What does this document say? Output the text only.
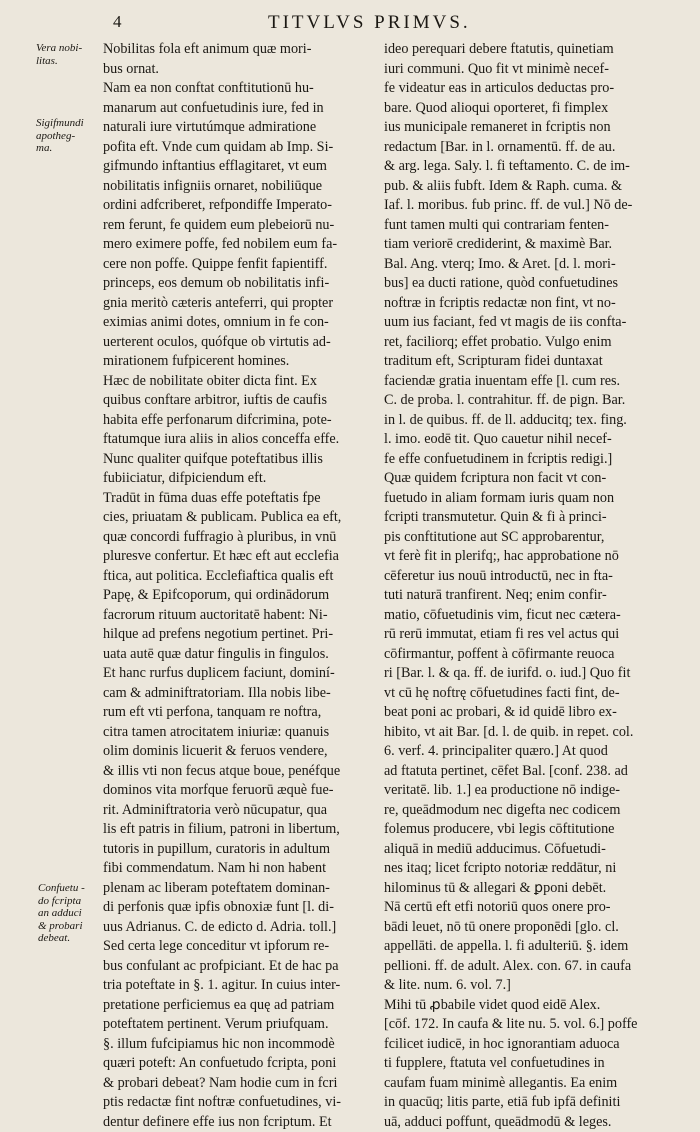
4	TITVLVS PRIMVS.
Vera nobi-
litas.
Sigifmundi
apotheg-
ma.
Confuetu -
do fcripta
an adduci
& probari
debeat.
Nobilitas fola eft animum quæ mori-
bus ornat.
Nam ea non conftat conftitutionū hu-
manarum aut confuetudinis iure, fed in
naturali iure virtutúmque admiratione
pofita eft. Vnde cum quidam ab Imp. Si-
gifmundo inftantius efflagitaret, vt eum
nobilitatis infigniis ornaret, nobiliūque
ordini adfcriberet, refpondiffe Imperato-
rem ferunt, fe quidem eum plebeiorū nu-
mero eximere poffe, fed nobilem eum fa-
cere non poffe. Quippe fenfit fapientiff.
princeps, eos demum ob nobilitatis infi-
gnia meritò cæteris anteferri, qui propter
eximias animi dotes, omnium in fe con-
uerterent oculos, quófque ob virtutis ad-
mirationem fufpicerent homines.
Hæc de nobilitate obiter dicta fint. Ex
quibus conftare arbitror, iuftis de caufis
habita effe perfonarum difcrimina, pote-
ftatumque iura aliis in alios conceffa effe.
Nunc qualiter quifque poteftatibus illis
fubiiciatur, difpiciendum eft.
Tradūt in fūma duas effe poteftatis fpe
cies, priuatam & publicam. Publica ea eft,
quæ concordi fuffragio à pluribus, in vnū
pluresve confertur. Et hæc eft aut ecclefia
ftica, aut politica. Ecclefiaftica qualis eft
Papę, & Epifcoporum, qui ordinādorum
facrorum rituum auctoritatē habent: Ni-
hilque ad prefens negotium pertinet. Pri-
uata autē quæ datur fingulis in fingulos.
Et hanc rurfus duplicem faciunt, dominí-
cam & adminiftratoriam. Illa nobis libe-
rum eft vti perfona, tanquam re noftra,
citra tamen atrocitatem iniuriæ: quanuis
olim dominis licuerit & feruos vendere,
& illis vti non fecus atque boue, penéfque
dominos vita morfque feruorū æquè fue-
rit. Adminiftratoria verò nūcupatur, qua
lis eft patris in filium, patroni in libertum,
tutoris in pupillum, curatoris in adultum
fibi commendatum. Nam hi non habent
plenam ac liberam poteftatem dominan-
di perfonis quæ ipfis obnoxiæ funt [l. di-
uus Adrianus. C. de edicto d. Adria. toll.]
Sed certa lege conceditur vt ipforum re-
bus confulant ac profpiciant. Et de hac pa
tria poteftate in §. 1. agitur. In cuius inter-
pretatione perficiemus ea quę ad patriam
poteftatem pertinent. Verum priufquam.
§. illum fufcipiamus hic non incommodè
quæri poteft: An confuetudo fcripta, poni
& probari debeat? Nam hodie cum in fcri
ptis redactæ fint noftræ confuetudines, vi-
dentur definere effe ius non fcriptum. Et
ideo perequari debere ftatutis, quinetiam
iuri communi. Quo fit vt minimè necef-
fe videatur eas in articulos deductas pro-
bare. Quod alioqui oporteret, fi fimplex
ius municipale remaneret in fcriptis non
redactum [Bar. in l. ornamentū. ff. de au.
& arg. lega. Saly. l. fi teftamento. C. de im-
pub. & aliis fubft. Idem & Raph. cuma. &
Iaf. l. moribus. fub princ. ff. de vul.] Nō de-
funt tamen multi qui contrariam fenten-
tiam veriorē crediderint, & maximè Bar.
Bal. Ang. vterq; Imo. & Aret. [d. l. mori-
bus] ea ducti ratione, quòd confuetudines
noftræ in fcriptis redactæ non fint, vt no-
uum ius faciant, fed vt magis de iis confta-
ret, faciliorq; effet probatio. Vulgo enim
traditum eft, Scripturam fidei duntaxat
faciendæ gratia inuentam effe [l. cum res.
C. de proba. l. contrahitur. ff. de pign. Bar.
in l. de quibus. ff. de ll. adducitq; tex. fing.
l. imo. eodē tit. Quo cauetur nihil necef-
fe effe confuetudinem in fcriptis redigi.]
Quæ quidem fcriptura non facit vt con-
fuetudo in aliam formam iuris quam non
fcripti transmutetur. Quin & fi à princi-
pis conftitutione aut SC approbarentur,
vt ferè fit in plerifq;, hac approbatione nō
cēferetur ius nouū introductū, nec in fta-
tuti naturā tranfirent. Neq; enim confir-
matio, cōfuetudinis vim, ficut nec cætera-
rū rerū immutat, etiam fi res vel actus qui
cōfirmantur, poffent à cōfirmante reuoca
ri [Bar. l. & qa. ff. de iurifd. o. iud.] Quo fit
vt cū hę noftrę cōfuetudines facti fint, de-
beat poni ac probari, & id quidē libro ex-
hibito, vt ait Bar. [d. l. de quib. in repet. col.
6. verf. 4. principaliter quæro.] At quod
ad ftatuta pertinet, cēfet Bal. [conf. 238. ad
veritatē. lib. 1.] ea productione nō indige-
re, queādmodum nec digefta nec codicem
folemus producere, vbi legis cōftitutione
aliquā in mediū adducimus. Cōfuetudi-
nes itaq; licet fcripto notoriæ reddātur, ni
hilominus tū & allegari & ꝑponi debēt.
Nā certū eft etfi notoriū quos onere pro-
bādi leuet, nō tū onere proponēdi [glo. cl.
appellāti. de appella. l. fi adulteriū. §. idem
pellioni. ff. de adult. Alex. con. 67. in caufa
& lite. num. 6. vol. 7.]
Mihi tū ꝓbabile videt quod eidē Alex.
[cōf. 172. In caufa & lite nu. 5. vol. 6.] poffe
fcilicet iudicē, in hoc ignorantiam aduoca
ti fupplere, ftatuta vel confuetudines in
caufam fuam minimè allegantis. Ea enim
in quacūq; litis parte, etiā fub ipfā definiti
uā, adduci poffunt, queādmodū & leges.
